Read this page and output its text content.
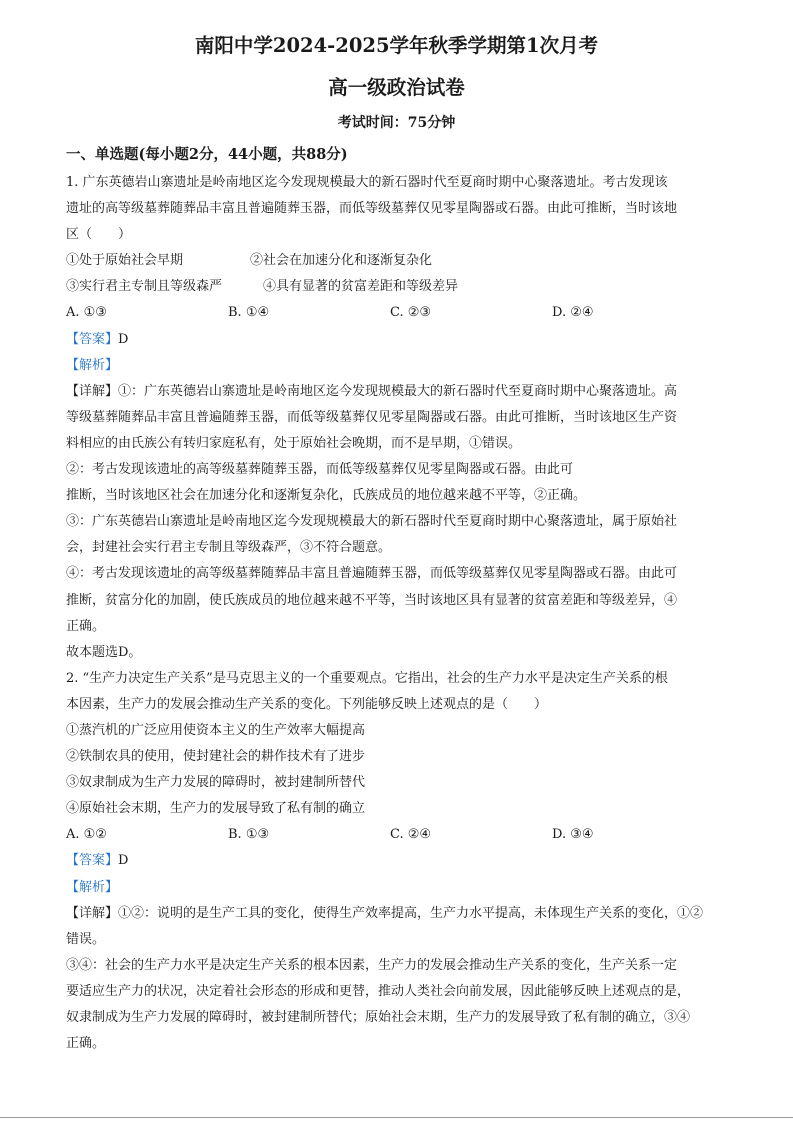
南阳中学2024-2025学年秋季学期第1次月考
高一级政治试卷
考试时间：75分钟
一、单选题(每小题2分，44小题，共88分)
1. 广东英德岩山寨遗址是岭南地区迄今发现规模最大的新石器时代至夏商时期中心聚落遗址。考古发现该
遗址的高等级墓葬随葬品丰富且普遍随葬玉器，而低等级墓葬仅见零星陶器或石器。由此可推断，当时该地
区（　　）
①处于原始社会早期	②社会在加速分化和逐渐复杂化
③实行君主专制且等级森严	④具有显著的贫富差距和等级差异
A. ①③	B. ①④	C. ②③	D. ②④
【答案】D
【解析】
【详解】①：广东英德岩山寨遗址是岭南地区迄今发现规模最大的新石器时代至夏商时期中心聚落遗址。高
等级墓葬随葬品丰富且普遍随葬玉器，而低等级墓葬仅见零星陶器或石器。由此可推断，当时该地区生产资
料相应的由氏族公有转归家庭私有，处于原始社会晚期，而不是早期，①错误。
②：考古发现该遗址的高等级墓葬随葬玉器，而低等级墓葬仅见零星陶器或石器。由此可
推断，当时该地区社会在加速分化和逐渐复杂化，氏族成员的地位越来越不平等，②正确。
③：广东英德岩山寨遗址是岭南地区迄今发现规模最大的新石器时代至夏商时期中心聚落遗址，属于原始社
会，封建社会实行君主专制且等级森严，③不符合题意。
④：考古发现该遗址的高等级墓葬随葬品丰富且普遍随葬玉器，而低等级墓葬仅见零星陶器或石器。由此可
推断，贫富分化的加剧，使氏族成员的地位越来越不平等，当时该地区具有显著的贫富差距和等级差异，④
正确。
故本题选D。
2. “生产力决定生产关系”是马克思主义的一个重要观点。它指出，社会的生产力水平是决定生产关系的根
本因素，生产力的发展会推动生产关系的变化。下列能够反映上述观点的是（　　）
①蒸汽机的广泛应用使资本主义的生产效率大幅提高
②铁制农具的使用，使封建社会的耕作技术有了进步
③奴隶制成为生产力发展的障碍时，被封建制所替代
④原始社会末期，生产力的发展导致了私有制的确立
A. ①②	B. ①③	C. ②④	D. ③④
【答案】D
【解析】
【详解】①②：说明的是生产工具的变化，使得生产效率提高，生产力水平提高，未体现生产关系的变化，①②
错误。
③④：社会的生产力水平是决定生产关系的根本因素，生产力的发展会推动生产关系的变化，生产关系一定
要适应生产力的状况，决定着社会形态的形成和更替，推动人类社会向前发展，因此能够反映上述观点的是，
奴隶制成为生产力发展的障碍时，被封建制所替代；原始社会末期，生产力的发展导致了私有制的确立，③④
正确。
